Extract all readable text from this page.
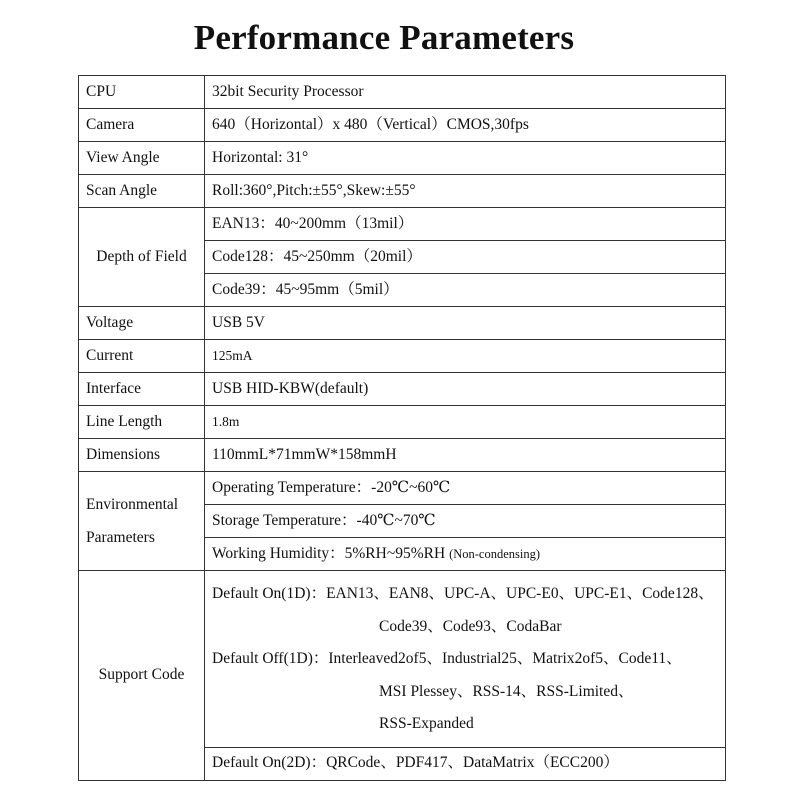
Performance Parameters
CPU	32bit Security Processor
Camera	640（Horizontal）x 480（Vertical）CMOS,30fps
View Angle	Horizontal: 31°
Scan Angle	Roll:360°,Pitch:±55°,Skew:±55°
Depth of Field	EAN13：40~200mm（13mil）
	Code128：45~250mm（20mil）
	Code39：45~95mm（5mil）
Voltage	USB 5V
Current	125mA
Interface	USB HID-KBW(default)
Line Length	1.8m
Dimensions	110mmL*71mmW*158mmH

Environmental
Parameters	Operating Temperature：-20℃~60℃
	Storage Temperature：-40℃~70℃
	Working Humidity：5%RH~95%RH (Non-condensing)
Support Code	Default On(1D)：EAN13、EAN8、UPC-A、UPC-E0、UPC-E1、Code128、
Code39、Code93、CodaBar
Default Off(1D)：Interleaved2of5、Industrial25、Matrix2of5、Code11、
MSI Plessey、RSS-14、RSS-Limited、
RSS-Expanded

	Default On(2D)：QRCode、PDF417、DataMatrix（ECC200）
